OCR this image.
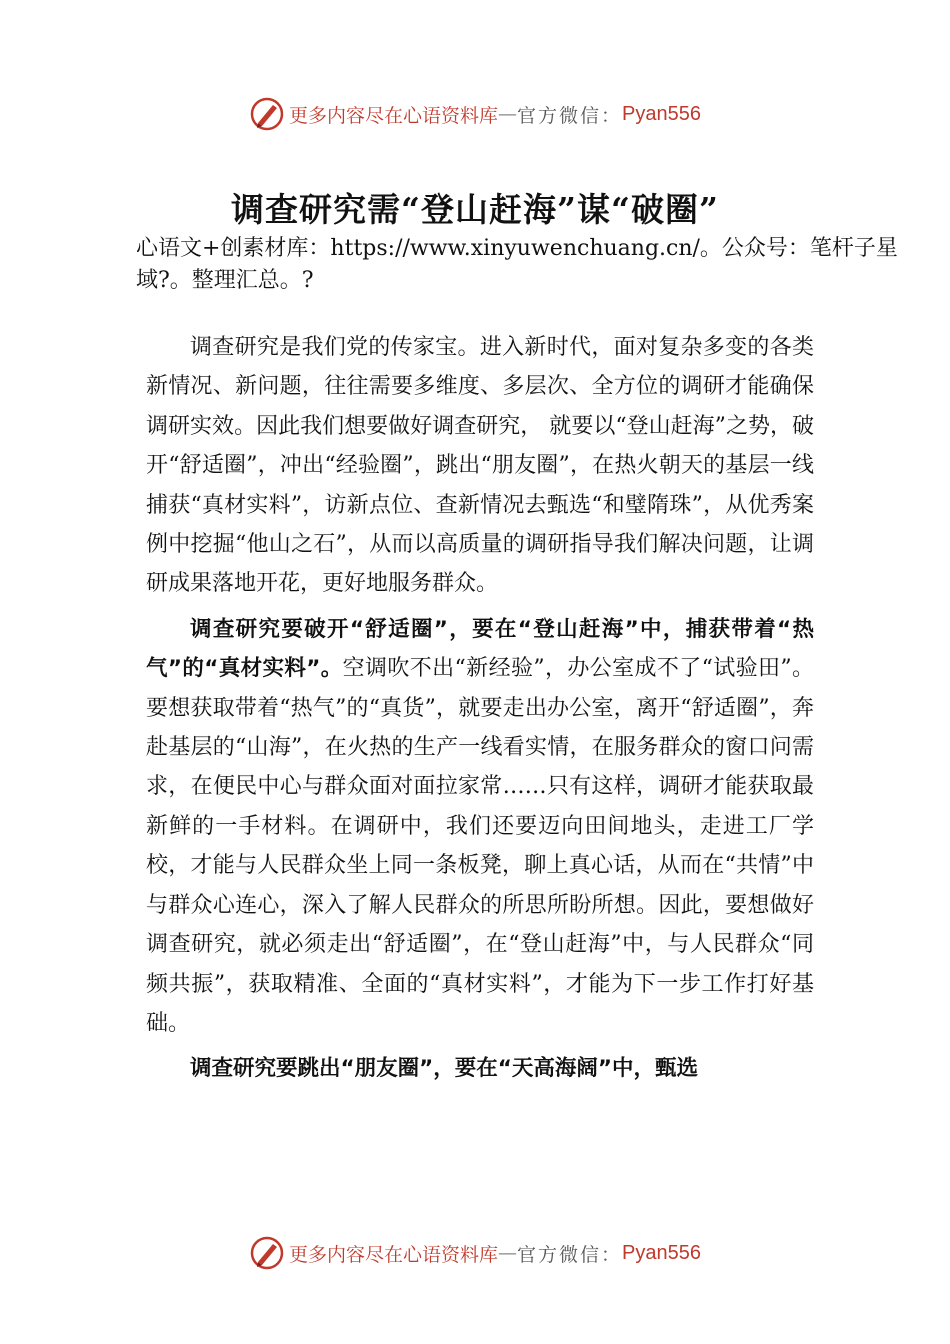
更多内容尽在心语资料库 — 官方微信： Pyan556
调查研究需“登山赶海”谋“破圈”
心语文+创素材库：https://www.xinyuwenchuang.cn/。公众号：笔杆子星域?。整理汇总。?

调查研究是我们党的传家宝。进入新时代，面对复杂多变的各类新情况、新问题，往往需要多维度、多层次、全方位的调研才能确保调研实效。因此我们想要做好调查研究， 就要以“登山赶海”之势，破开“舒适圈”，冲出“经验圈”，跳出“朋友圈”，在热火朝天的基层一线捕获“真材实料”，访新点位、查新情况去甄选“和璧隋珠”，从优秀案例中挖掘“他山之石”，从而以高质量的调研指导我们解决问题，让调研成果落地开花，更好地服务群众。

调查研究要破开“舒适圈”，要在“登山赶海”中，捕获带着“热气”的“真材实料”。空调吹不出“新经验”，办公室成不了“试验田”。要想获取带着“热气”的“真货”，就要走出办公室，离开“舒适圈”，奔赴基层的“山海”，在火热的生产一线看实情，在服务群众的窗口问需求，在便民中心与群众面对面拉家常……只有这样，调研才能获取最新鲜的一手材料。在调研中，我们还要迈向田间地头，走进工厂学校，才能与人民群众坐上同一条板凳，聊上真心话，从而在“共情”中与群众心连心，深入了解人民群众的所思所盼所想。因此，要想做好调查研究，就必须走出“舒适圈”，在“登山赶海”中，与人民群众“同频共振”，获取精准、全面的“真材实料”，才能为下一步工作打好基础。

调查研究要跳出“朋友圈”，要在“天高海阔”中，甄选

更多内容尽在心语资料库 — 官方微信： Pyan556
